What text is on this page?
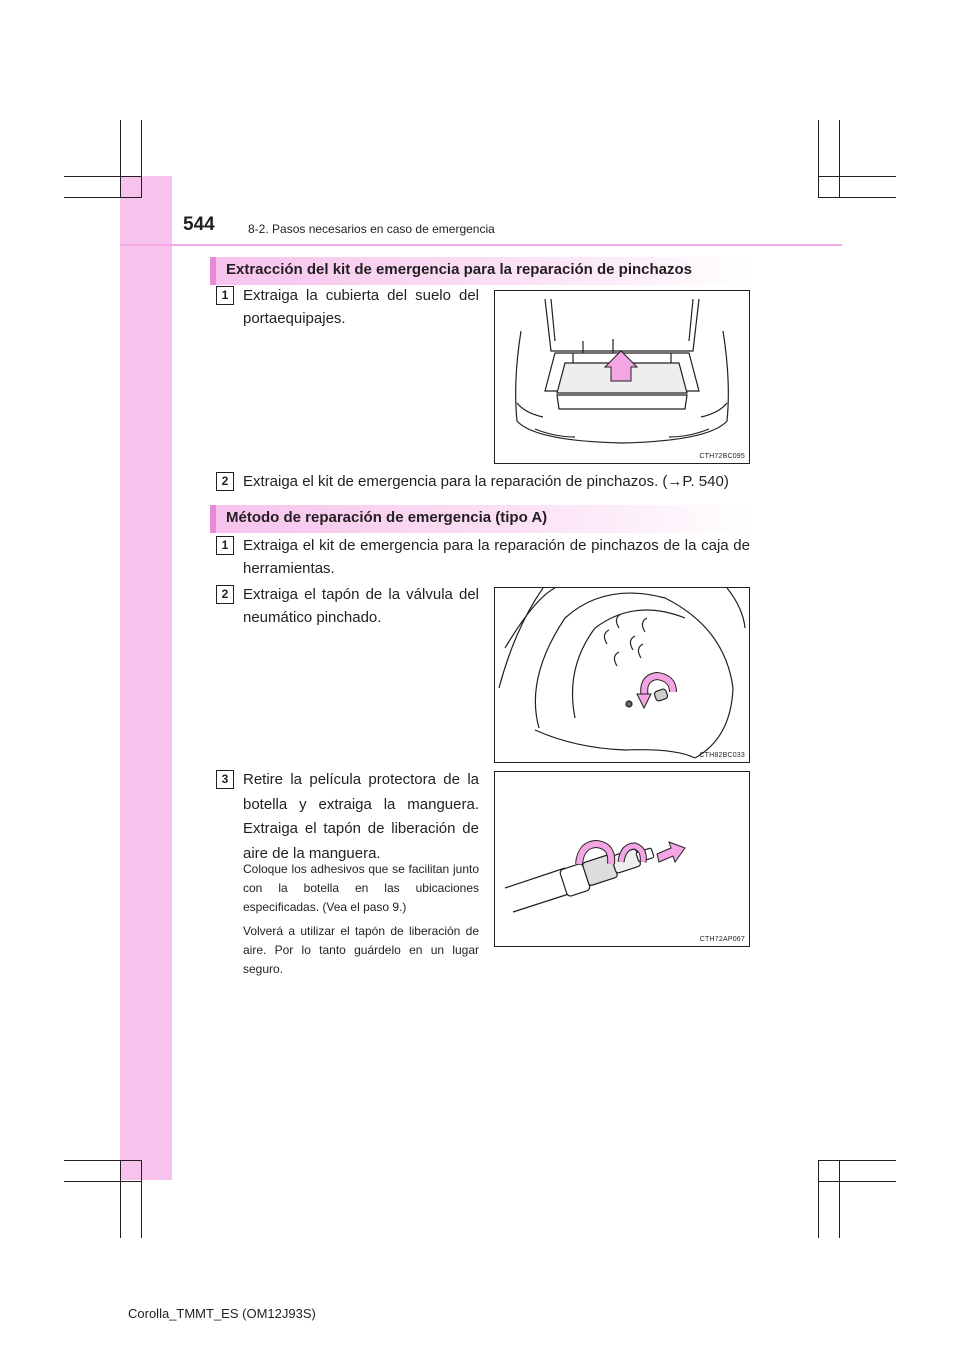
544	8-2. Pasos necesarios en caso de emergencia
Extracción del kit de emergencia para la reparación de pinchazos
1 Extraiga la cubierta del suelo del portaequipajes.
CTH72BC095
2 Extraiga el kit de emergencia para la reparación de pinchazos. (→P. 540)
Método de reparación de emergencia (tipo A)
1 Extraiga el kit de emergencia para la reparación de pinchazos de la caja de herramientas.
2 Extraiga el tapón de la válvula del neumático pinchado.
CTH82BC033
3 Retire la película protectora de la botella y extraiga la manguera. Extraiga el tapón de liberación de aire de la manguera.
Coloque los adhesivos que se facilitan junto con la botella en las ubicaciones especificadas. (Vea el paso 9.)
Volverá a utilizar el tapón de liberación de aire. Por lo tanto guárdelo en un lugar seguro.
CTH72AP067
Corolla_TMMT_ES (OM12J93S)
